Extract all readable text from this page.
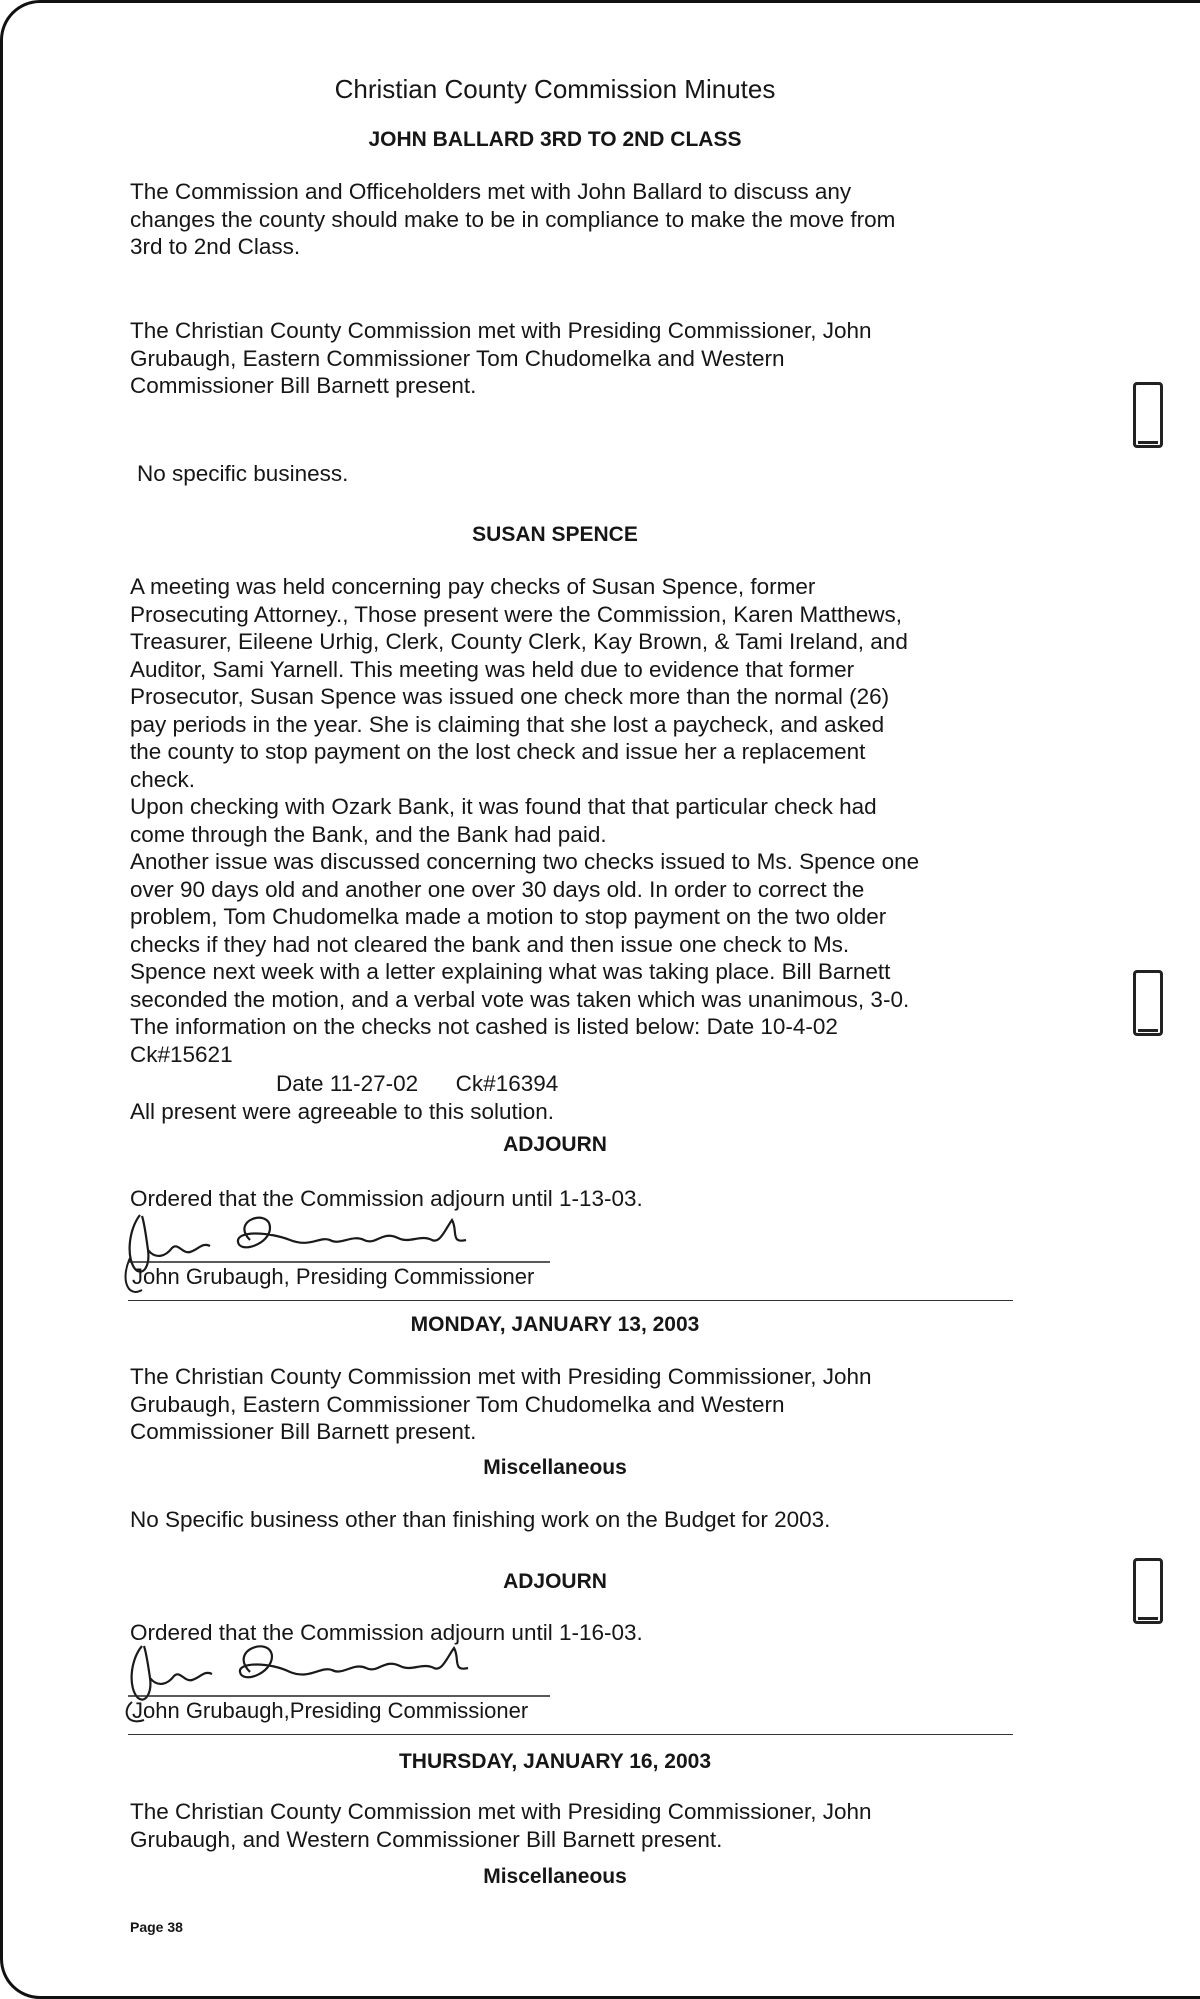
Christian County Commission Minutes
JOHN BALLARD 3RD TO 2ND CLASS
The Commission and Officeholders met with John Ballard to discuss any
changes the county should make to be in compliance to make the move from
3rd to 2nd Class.
The Christian County Commission met with Presiding Commissioner, John
Grubaugh, Eastern Commissioner Tom Chudomelka and Western
Commissioner Bill Barnett present.
No specific business.
SUSAN SPENCE
A meeting was held concerning pay checks of Susan Spence, former
Prosecuting Attorney., Those present were the Commission, Karen Matthews,
Treasurer, Eileene Urhig, Clerk, County Clerk, Kay Brown, & Tami Ireland, and
Auditor, Sami Yarnell. This meeting was held due to evidence that former
Prosecutor, Susan Spence was issued one check more than the normal (26)
pay periods in the year. She is claiming that she lost a paycheck, and asked
the county to stop payment on the lost check and issue her a replacement
check.
Upon checking with Ozark Bank, it was found that that particular check had
come through the Bank, and the Bank had paid.
Another issue was discussed concerning two checks issued to Ms. Spence one
over 90 days old and another one over 30 days old. In order to correct the
problem, Tom Chudomelka made a motion to stop payment on the two older
checks if they had not cleared the bank and then issue one check to Ms.
Spence next week with a letter explaining what was taking place. Bill Barnett
seconded the motion, and a verbal vote was taken which was unanimous, 3-0.
The information on the checks not cashed is listed below: Date 10-4-02
Ck#15621
Date 11-27-02      Ck#16394
All present were agreeable to this solution.
ADJOURN
Ordered that the Commission adjourn until 1-13-03.
John Grubaugh, Presiding Commissioner
MONDAY, JANUARY 13, 2003
The Christian County Commission met with Presiding Commissioner, John
Grubaugh, Eastern Commissioner Tom Chudomelka and Western
Commissioner Bill Barnett present.
Miscellaneous
No Specific business other than finishing work on the Budget for 2003.
ADJOURN
Ordered that the Commission adjourn until 1-16-03.
John Grubaugh,Presiding Commissioner
THURSDAY, JANUARY 16, 2003
The Christian County Commission met with Presiding Commissioner, John
Grubaugh, and Western Commissioner Bill Barnett present.
Miscellaneous
Page 38
